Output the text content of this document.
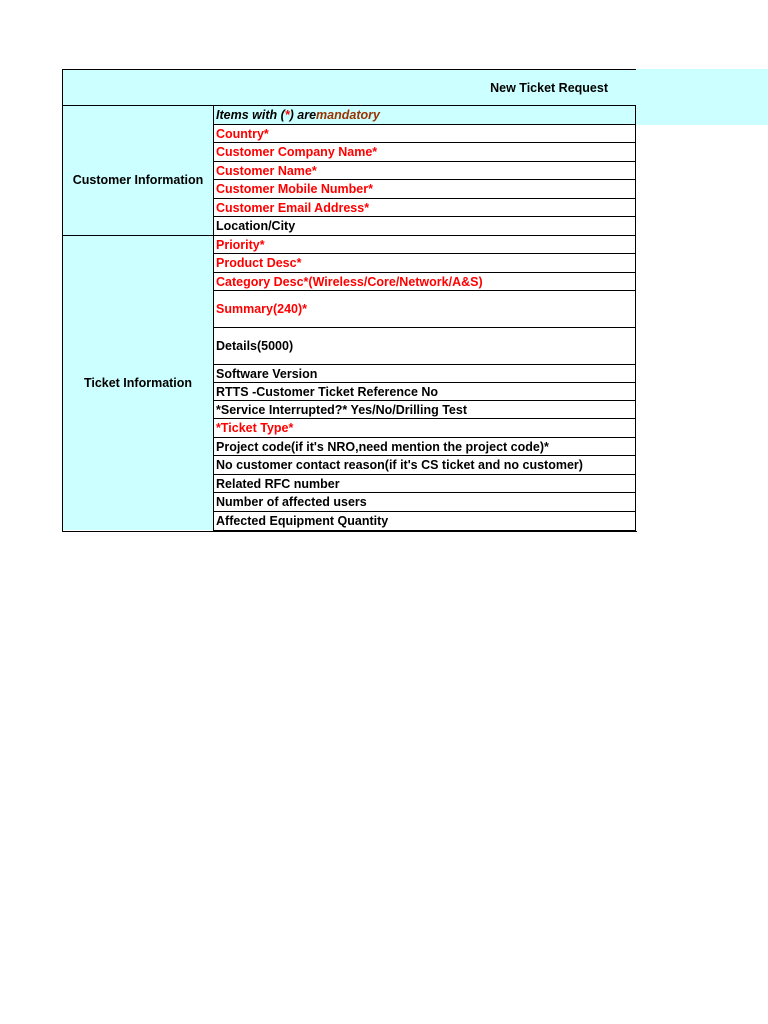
New Ticket Request
Customer Information
Ticket Information
Items with ( * ) are mandatory
Country*
Customer Company Name*
Customer Name*
Customer Mobile Number*
Customer Email Address*
Location/City
Priority*
Product Desc*
Category Desc*(Wireless/Core/Network/A&S)
Summary(240)*
Details(5000)
Software Version
RTTS -Customer Ticket Reference No
*Service Interrupted?* Yes/No/Drilling Test
*Ticket Type*
Project code(if it's NRO,need mention the project code)*
No customer contact reason(if it's CS ticket and no customer)
Related RFC number
Number of affected users
Affected Equipment Quantity
